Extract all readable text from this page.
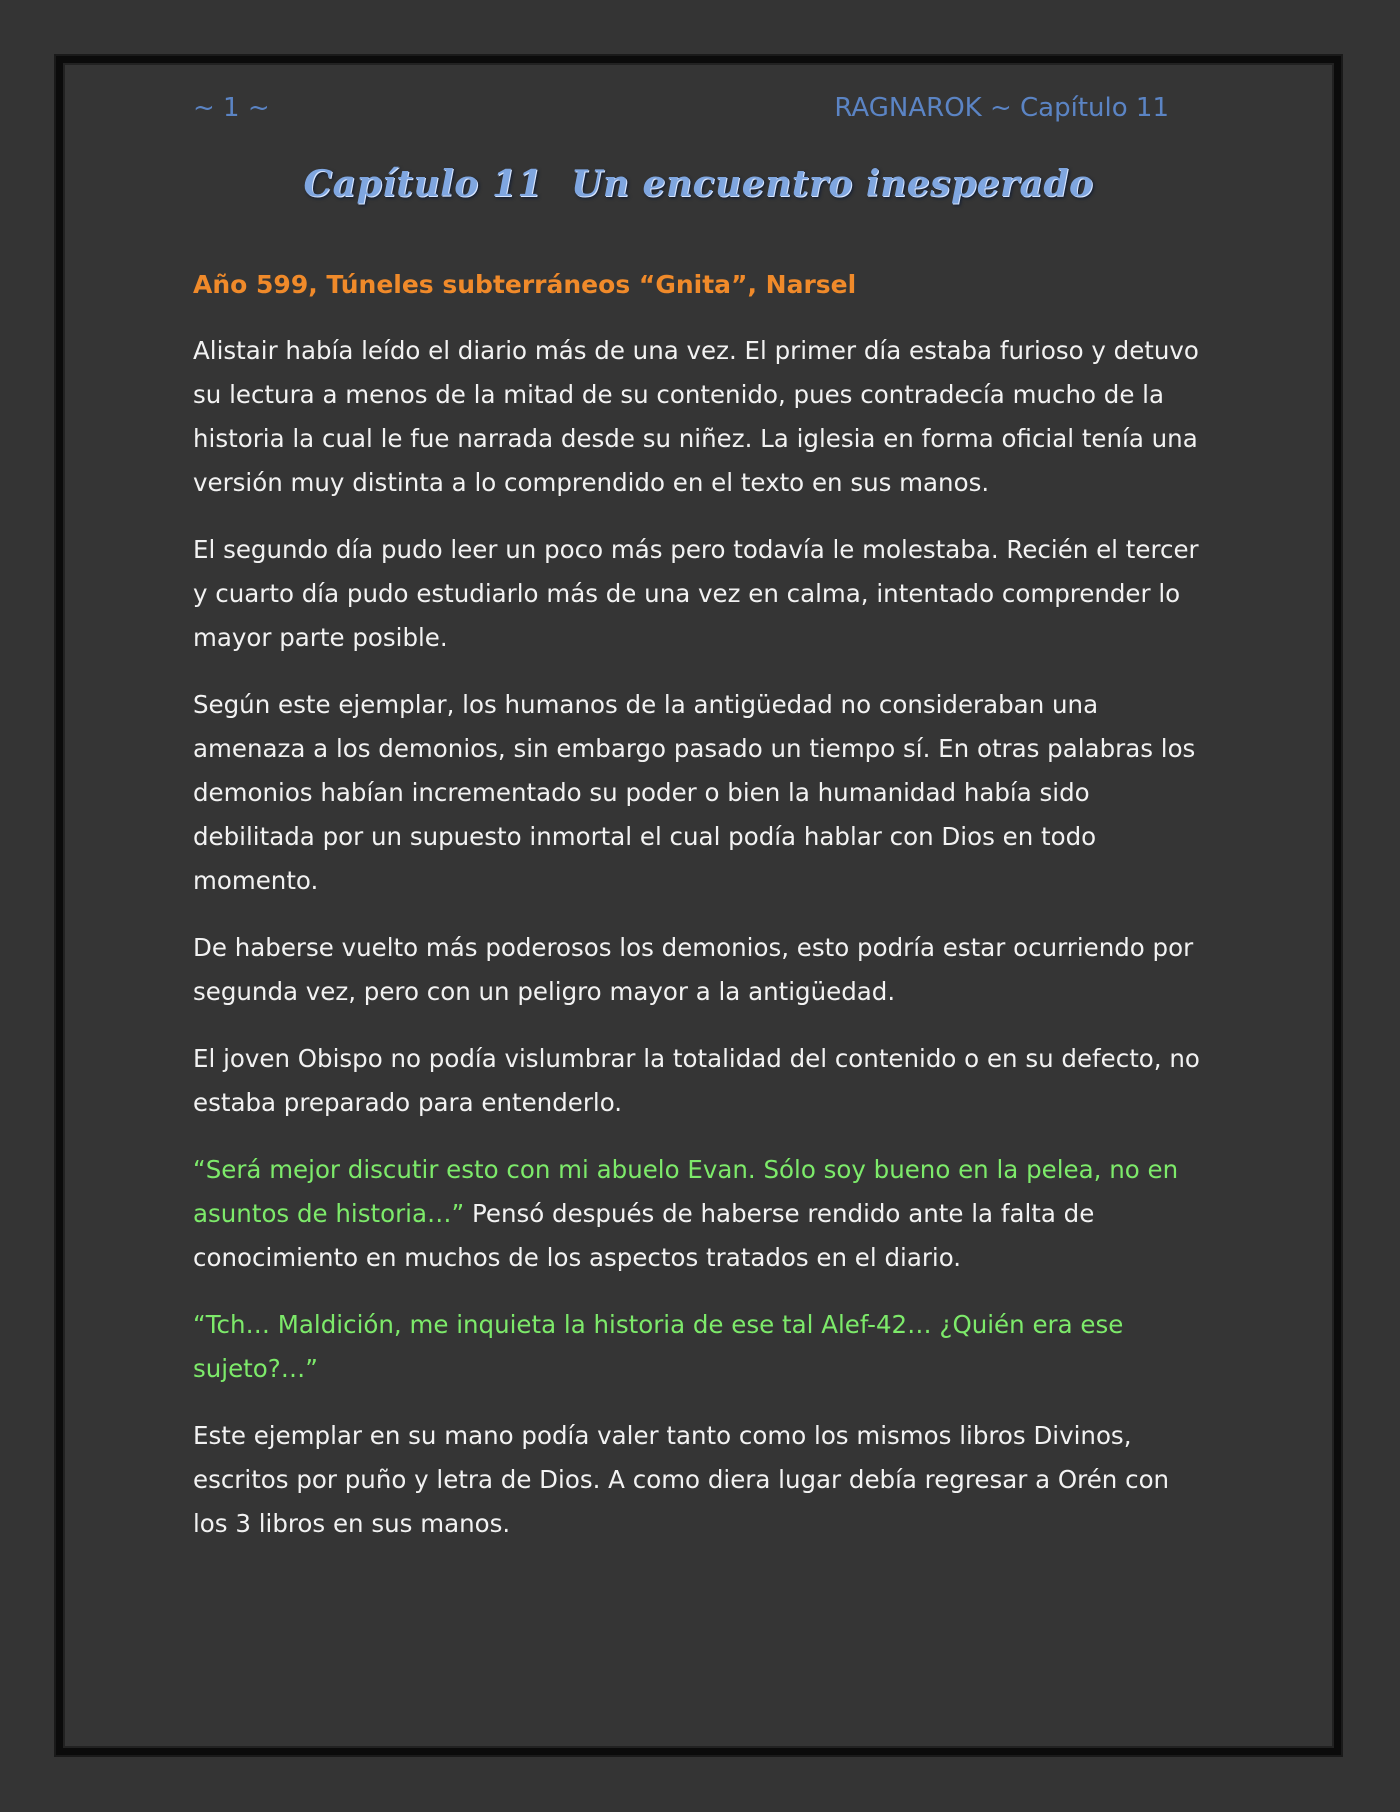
~ 1 ~	RAGNAROK ~ Capítulo 11
Capítulo 11 Un encuentro inesperado
Año 599, Túneles subterráneos “Gnita”, Narsel

Alistair había leído el diario más de una vez. El primer día estaba furioso y detuvo su lectura a menos de la mitad de su contenido, pues contradecía mucho de la historia la cual le fue narrada desde su niñez. La iglesia en forma oficial tenía una versión muy distinta a lo comprendido en el texto en sus manos.

El segundo día pudo leer un poco más pero todavía le molestaba. Recién el tercer y cuarto día pudo estudiarlo más de una vez en calma, intentado comprender lo mayor parte posible.

Según este ejemplar, los humanos de la antigüedad no consideraban una amenaza a los demonios, sin embargo pasado un tiempo sí. En otras palabras los demonios habían incrementado su poder o bien la humanidad había sido debilitada por un supuesto inmortal el cual podía hablar con Dios en todo momento.

De haberse vuelto más poderosos los demonios, esto podría estar ocurriendo por segunda vez, pero con un peligro mayor a la antigüedad.

El joven Obispo no podía vislumbrar la totalidad del contenido o en su defecto, no estaba preparado para entenderlo.

“Será mejor discutir esto con mi abuelo Evan. Sólo soy bueno en la pelea, no en asuntos de historia…” Pensó después de haberse rendido ante la falta de conocimiento en muchos de los aspectos tratados en el diario.

“Tch… Maldición, me inquieta la historia de ese tal Alef-42… ¿Quién era ese sujeto?…”

Este ejemplar en su mano podía valer tanto como los mismos libros Divinos, escritos por puño y letra de Dios. A como diera lugar debía regresar a Orén con los 3 libros en sus manos.
